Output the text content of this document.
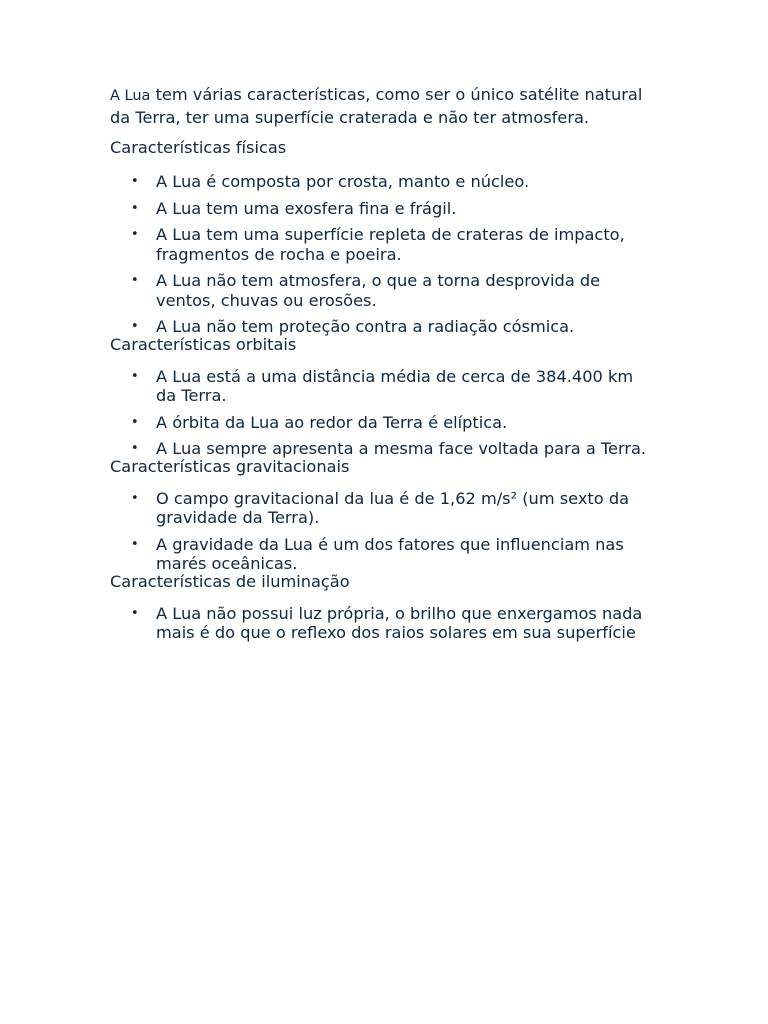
A Lua tem várias características, como ser o único satélite natural da Terra, ter uma superfície craterada e não ter atmosfera.

Características físicas

• A Lua é composta por crosta, manto e núcleo.
• A Lua tem uma exosfera fina e frágil.
• A Lua tem uma superfície repleta de crateras de impacto, fragmentos de rocha e poeira.
• A Lua não tem atmosfera, o que a torna desprovida de ventos, chuvas ou erosões.
• A Lua não tem proteção contra a radiação cósmica.

Características orbitais

• A Lua está a uma distância média de cerca de 384.400 km da Terra.
• A órbita da Lua ao redor da Terra é elíptica.
• A Lua sempre apresenta a mesma face voltada para a Terra.

Características gravitacionais

• O campo gravitacional da lua é de 1,62 m/s² (um sexto da gravidade da Terra).
• A gravidade da Lua é um dos fatores que influenciam nas marés oceânicas.

Características de iluminação

• A Lua não possui luz própria, o brilho que enxergamos nada mais é do que o reflexo dos raios solares em sua superfície
